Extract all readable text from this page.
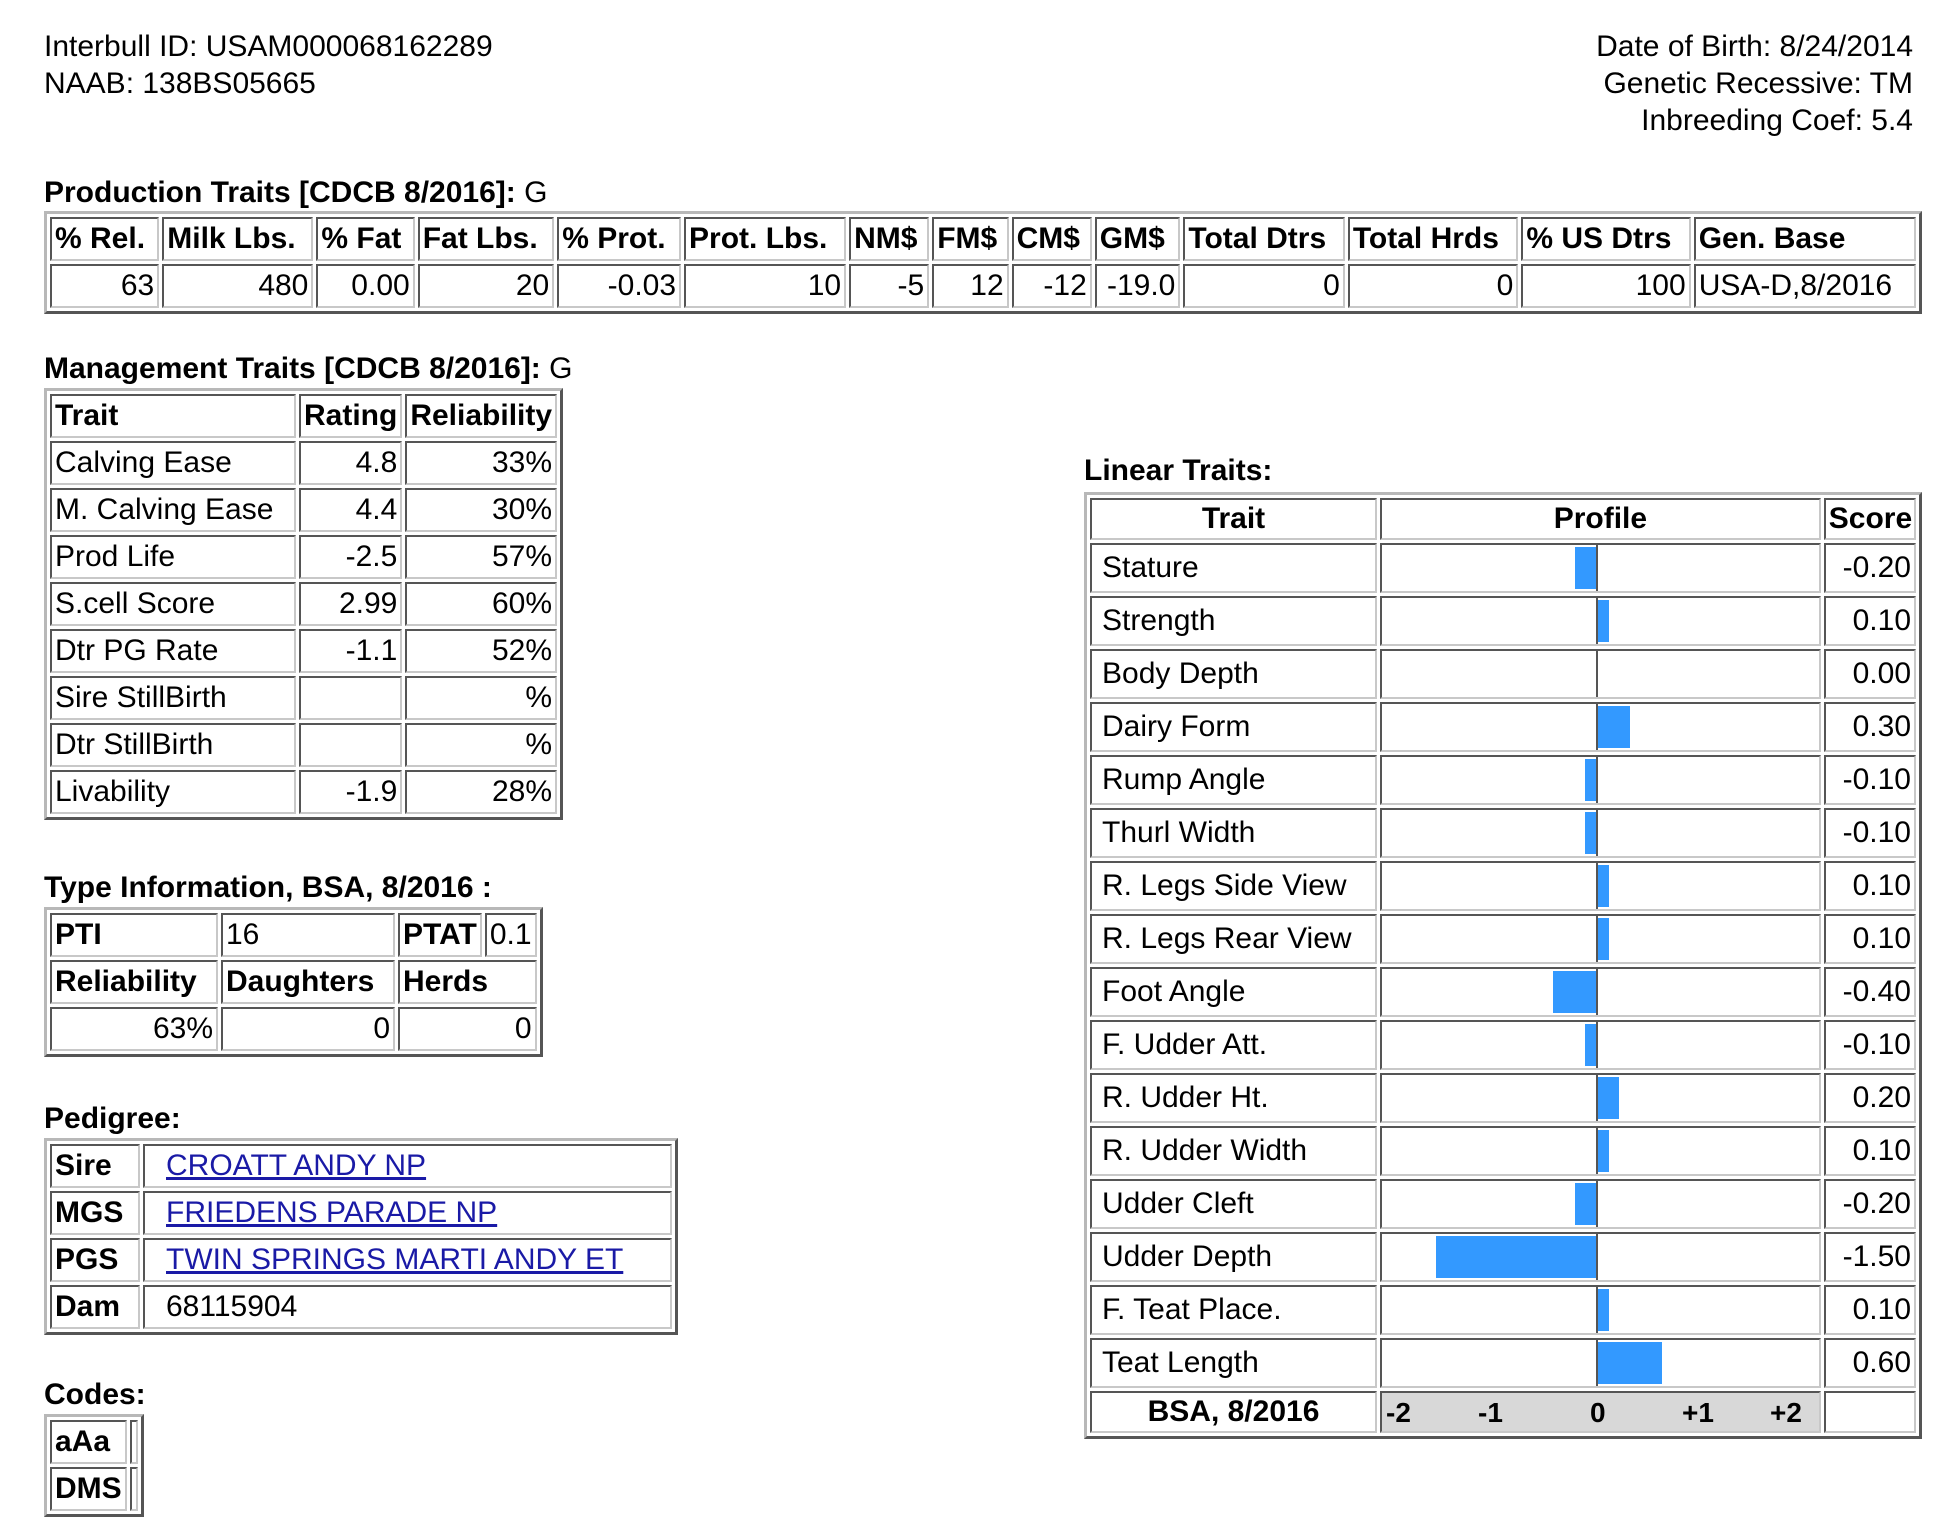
Interbull ID: USAM000068162289
NAAB: 138BS05665
Date of Birth: 8/24/2014
Genetic Recessive: TM
Inbreeding Coef: 5.4
Production Traits [CDCB 8/2016]: G
% Rel.	Milk Lbs.	% Fat	Fat Lbs.	% Prot.	Prot. Lbs.	NM$	FM$	CM$	GM$	Total Dtrs	Total Hrds	% US Dtrs	Gen. Base
63	480	0.00	20	-0.03	10	-5	12	-12	-19.0	0	0	100	USA-D,8/2016
Management Traits [CDCB 8/2016]: G
Trait	Rating	Reliability
Calving Ease	4.8	33%
M. Calving Ease	4.4	30%
Prod Life	-2.5	57%
S.cell Score	2.99	60%
Dtr PG Rate	-1.1	52%
Sire StillBirth		%
Dtr StillBirth		%
Livability	-1.9	28%
Type Information, BSA, 8/2016 :
PTI	16	PTAT	0.1
Reliability	Daughters	Herds	
63%	0	0	
Pedigree:
Sire	CROATT ANDY NP
MGS	FRIEDENS PARADE NP
PGS	TWIN SPRINGS MARTI ANDY ET
Dam	68115904
Codes:
aAa	
DMS	
Linear Traits:
Trait	Profile	Score
Stature		-0.20
Strength		0.10
Body Depth		0.00
Dairy Form		0.30
Rump Angle		-0.10
Thurl Width		-0.10
R. Legs Side View		0.10
R. Legs Rear View		0.10
Foot Angle		-0.40
F. Udder Att.		-0.10
R. Udder Ht.		0.20
R. Udder Width		0.10
Udder Cleft		-0.20
Udder Depth		-1.50
F. Teat Place.		0.10
Teat Length		0.60
BSA, 8/2016	-2 -1 0 +1 +2	
